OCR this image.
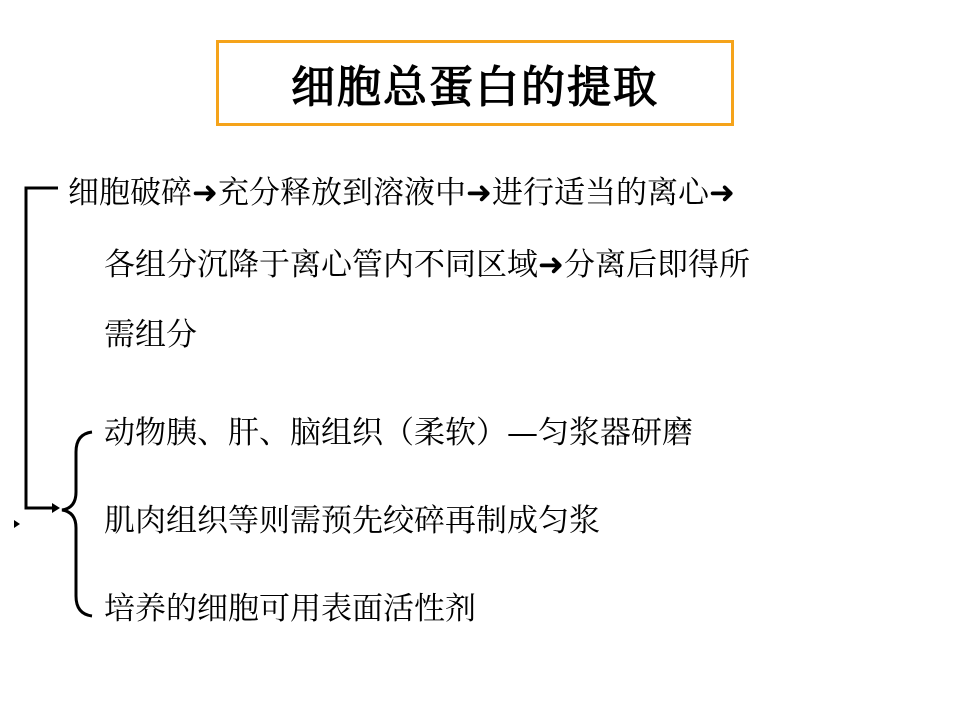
细胞总蛋白的提取
细胞破碎➜充分释放到溶液中➜进行适当的离心➜
各组分沉降于离心管内不同区域➜分离后即得所
需组分
动物胰、肝、脑组织（柔软）—匀浆器研磨
肌肉组织等则需预先绞碎再制成匀浆
培养的细胞可用表面活性剂
